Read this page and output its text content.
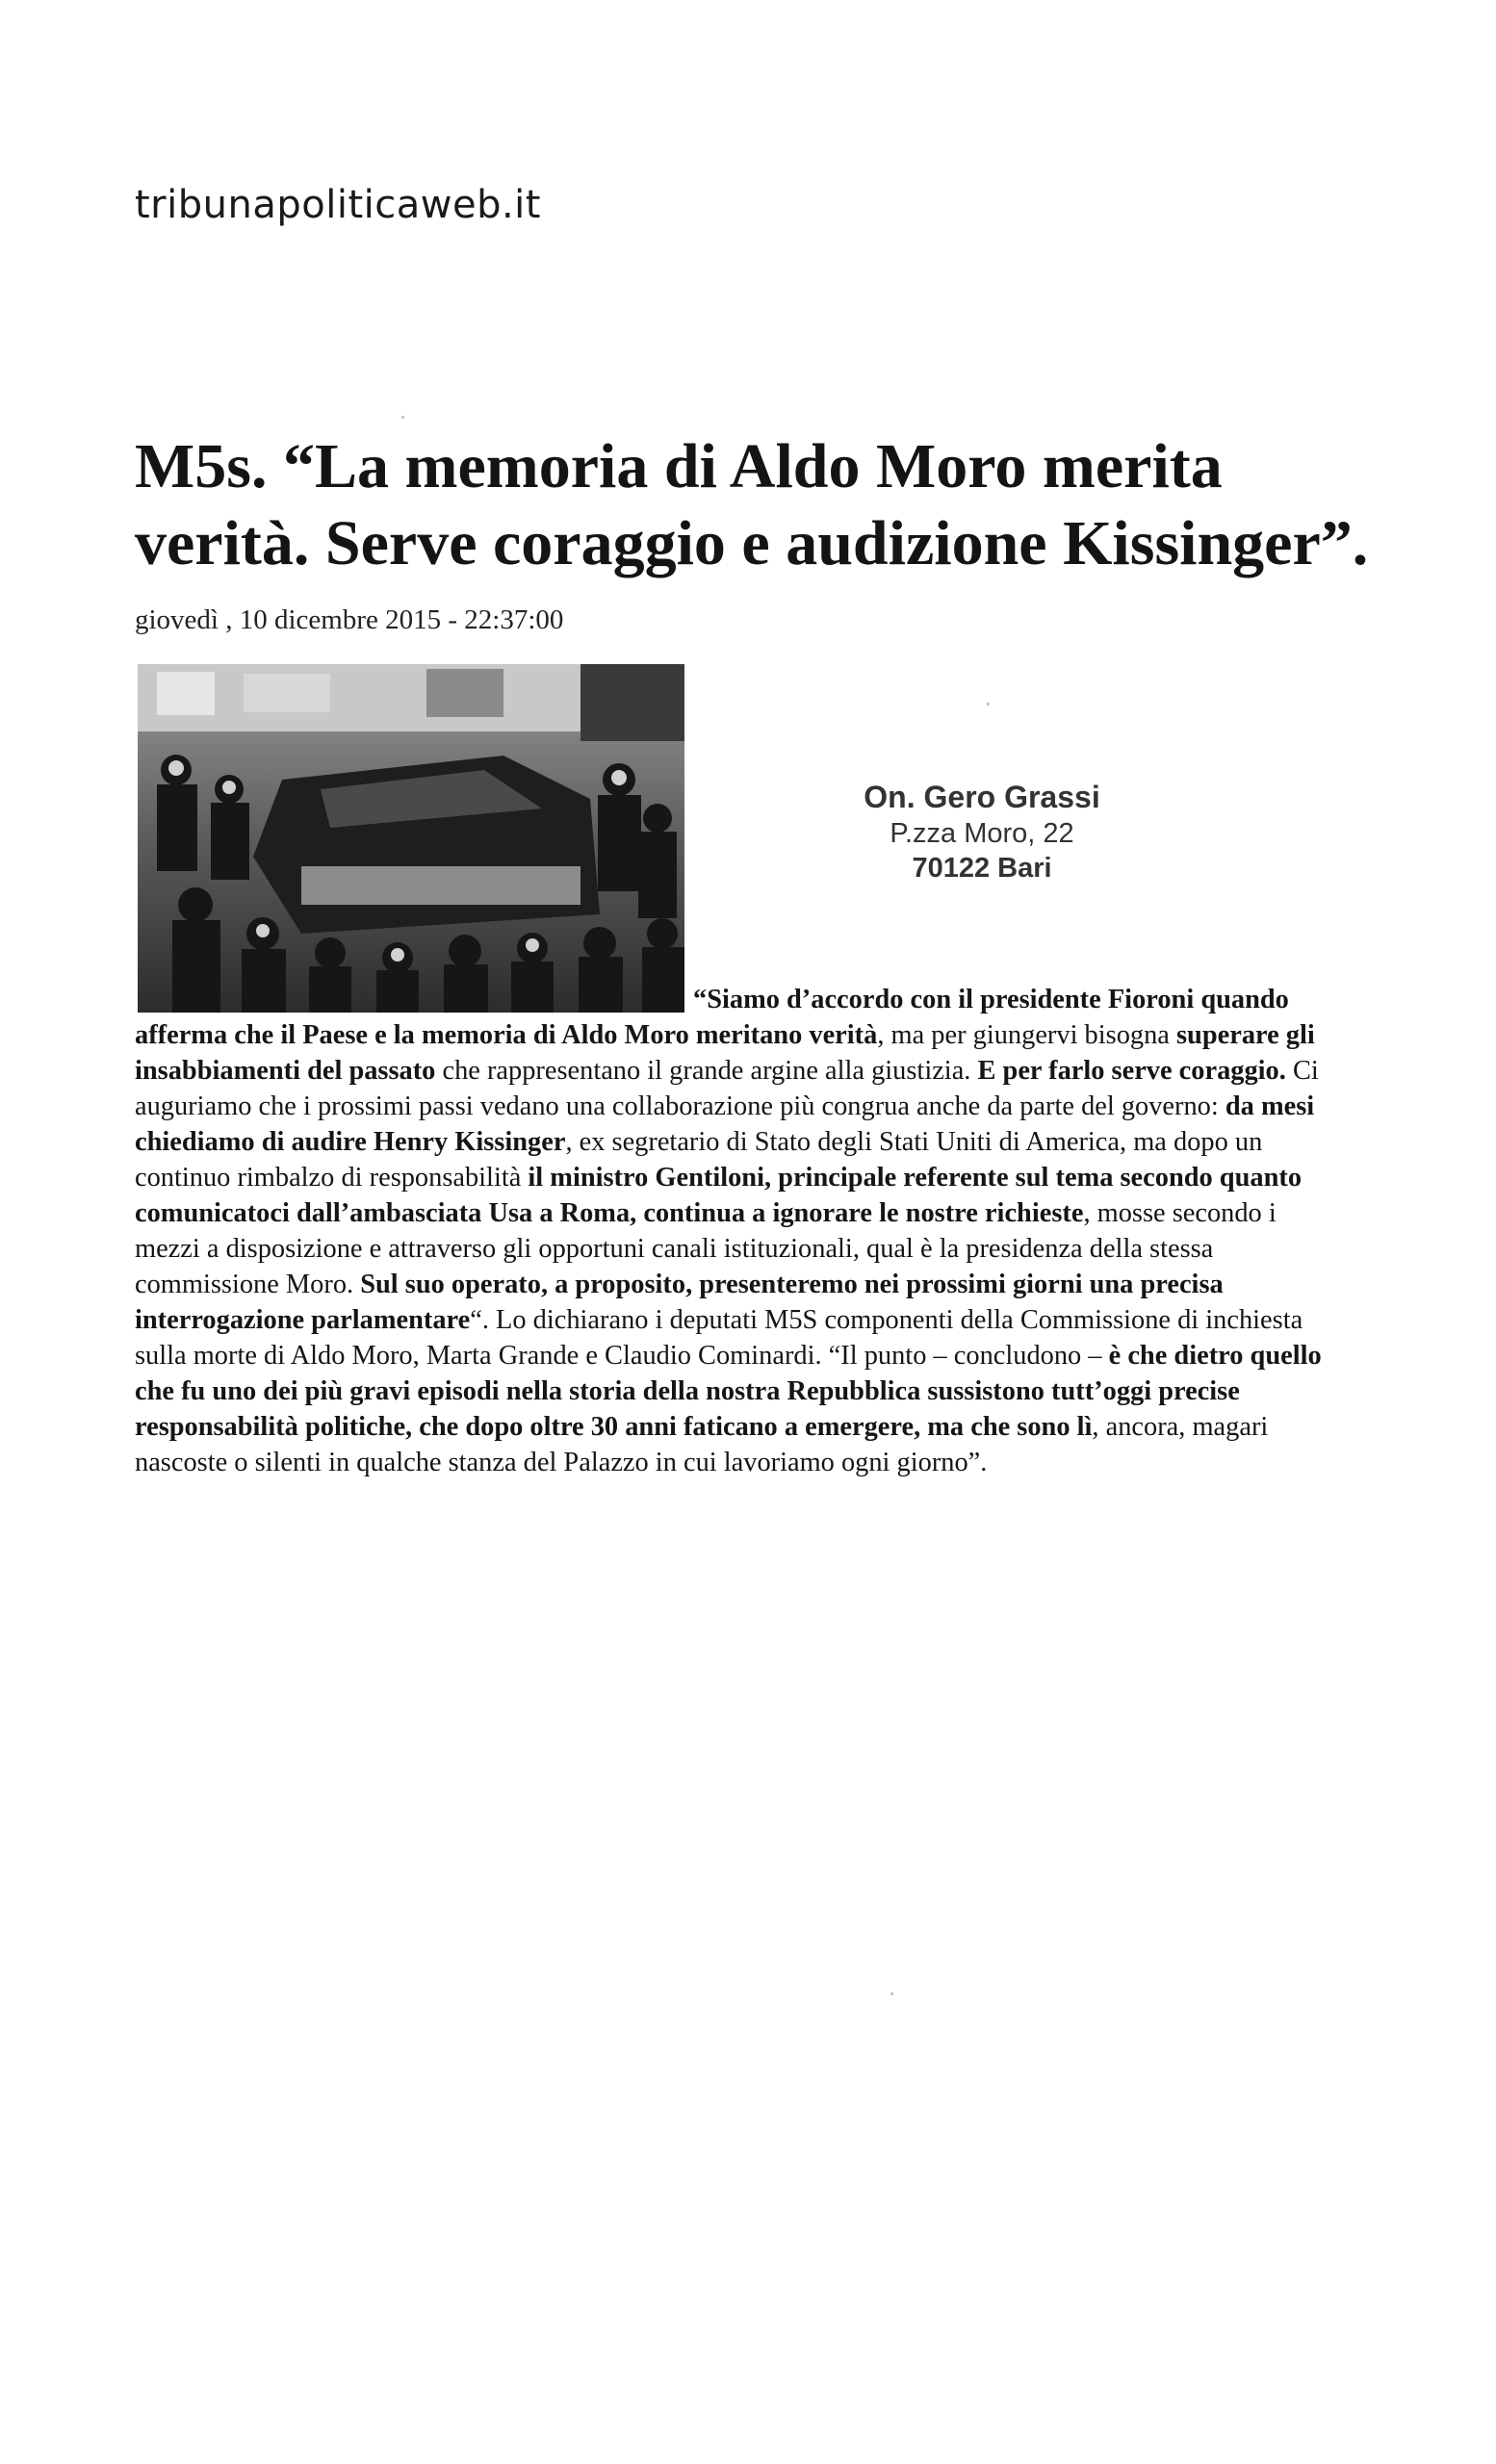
tribunapoliticaweb.it
M5s. “La memoria di Aldo Moro merita
verità. Serve coraggio e audizione Kissinger”.
giovedì , 10 dicembre 2015 - 22:37:00
On. Gero Grassi
P.zza Moro, 22
70122 Bari
“Siamo d’accordo con il presidente Fioroni quando afferma che il Paese e la memoria di Aldo Moro meritano verità, ma per giungervi bisogna superare gli insabbiamenti del passato che rappresentano il grande argine alla giustizia. E per farlo serve coraggio. Ci auguriamo che i prossimi passi vedano una collaborazione più congrua anche da parte del governo: da mesi chiediamo di audire Henry Kissinger, ex segretario di Stato degli Stati Uniti di America, ma dopo un continuo rimbalzo di responsabilità il ministro Gentiloni, principale referente sul tema secondo quanto comunicatoci dall’ambasciata Usa a Roma, continua a ignorare le nostre richieste, mosse secondo i mezzi a disposizione e attraverso gli opportuni canali istituzionali, qual è la presidenza della stessa commissione Moro. Sul suo operato, a proposito, presenteremo nei prossimi giorni una precisa interrogazione parlamentare“. Lo dichiarano i deputati M5S componenti della Commissione di inchiesta sulla morte di Aldo Moro, Marta Grande e Claudio Cominardi. “Il punto – concludono – è che dietro quello che fu uno dei più gravi episodi nella storia della nostra Repubblica sussistono tutt’oggi precise responsabilità politiche, che dopo oltre 30 anni faticano a emergere, ma che sono lì, ancora, magari nascoste o silenti in qualche stanza del Palazzo in cui lavoriamo ogni giorno”.
